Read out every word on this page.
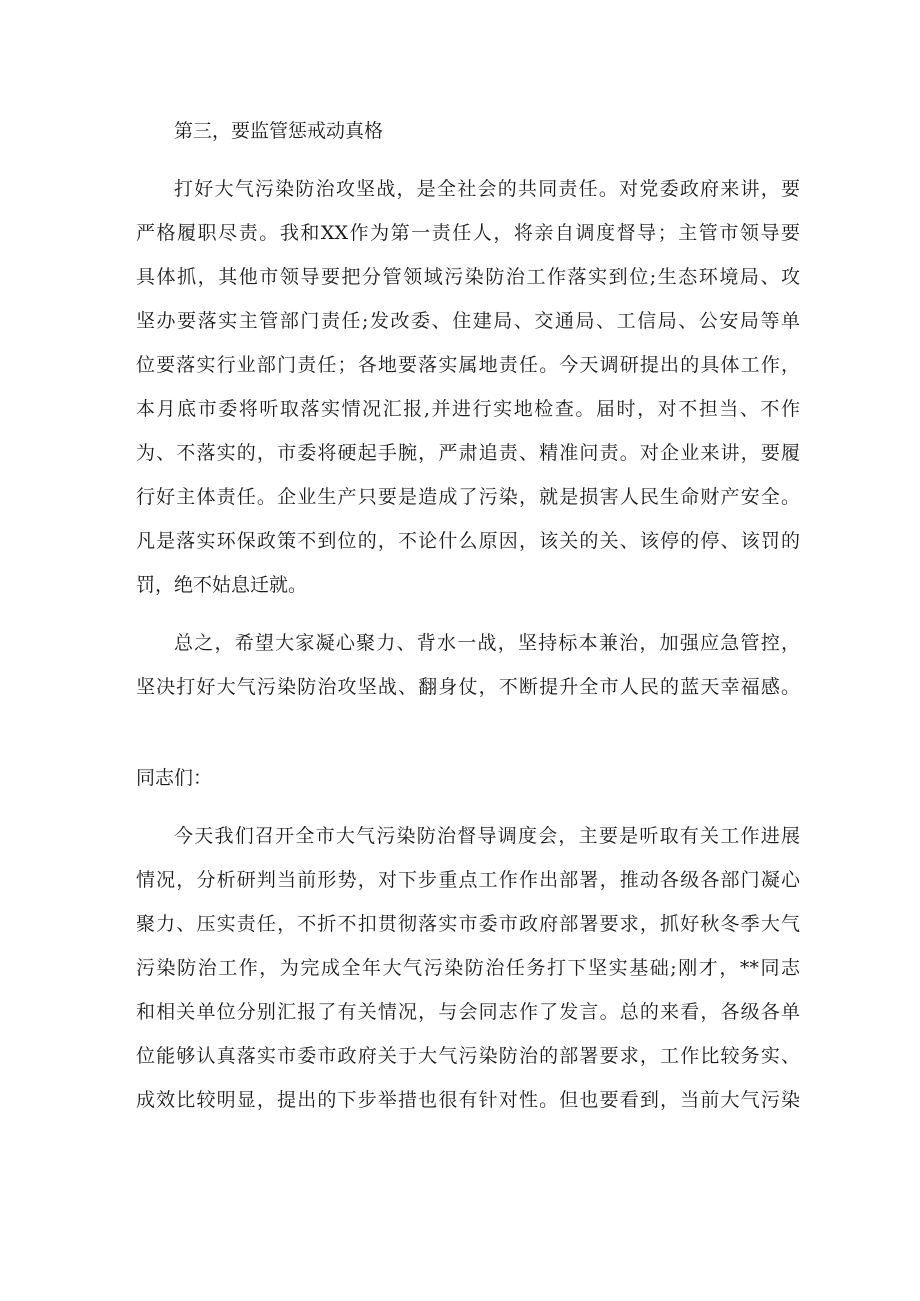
第三，要监管惩戒动真格
打好大气污染防治攻坚战，是全社会的共同责任。对党委政府来讲，要
严格履职尽责。我和XX作为第一责任人，将亲自调度督导；主管市领导要
具体抓，其他市领导要把分管领域污染防治工作落实到位;生态环境局、攻
坚办要落实主管部门责任;发改委、住建局、交通局、工信局、公安局等单
位要落实行业部门责任；各地要落实属地责任。今天调研提出的具体工作，
本月底市委将听取落实情况汇报,并进行实地检查。届时，对不担当、不作
为、不落实的，市委将硬起手腕，严肃追责、精准问责。对企业来讲，要履
行好主体责任。企业生产只要是造成了污染，就是损害人民生命财产安全。
凡是落实环保政策不到位的，不论什么原因，该关的关、该停的停、该罚的
罚，绝不姑息迁就。
总之，希望大家凝心聚力、背水一战，坚持标本兼治，加强应急管控，
坚决打好大气污染防治攻坚战、翻身仗，不断提升全市人民的蓝天幸福感。
同志们：
今天我们召开全市大气污染防治督导调度会，主要是听取有关工作进展
情况，分析研判当前形势，对下步重点工作作出部署，推动各级各部门凝心
聚力、压实责任，不折不扣贯彻落实市委市政府部署要求，抓好秋冬季大气
污染防治工作，为完成全年大气污染防治任务打下坚实基础;刚才，**同志
和相关单位分别汇报了有关情况，与会同志作了发言。总的来看，各级各单
位能够认真落实市委市政府关于大气污染防治的部署要求，工作比较务实、
成效比较明显，提出的下步举措也很有针对性。但也要看到，当前大气污染
